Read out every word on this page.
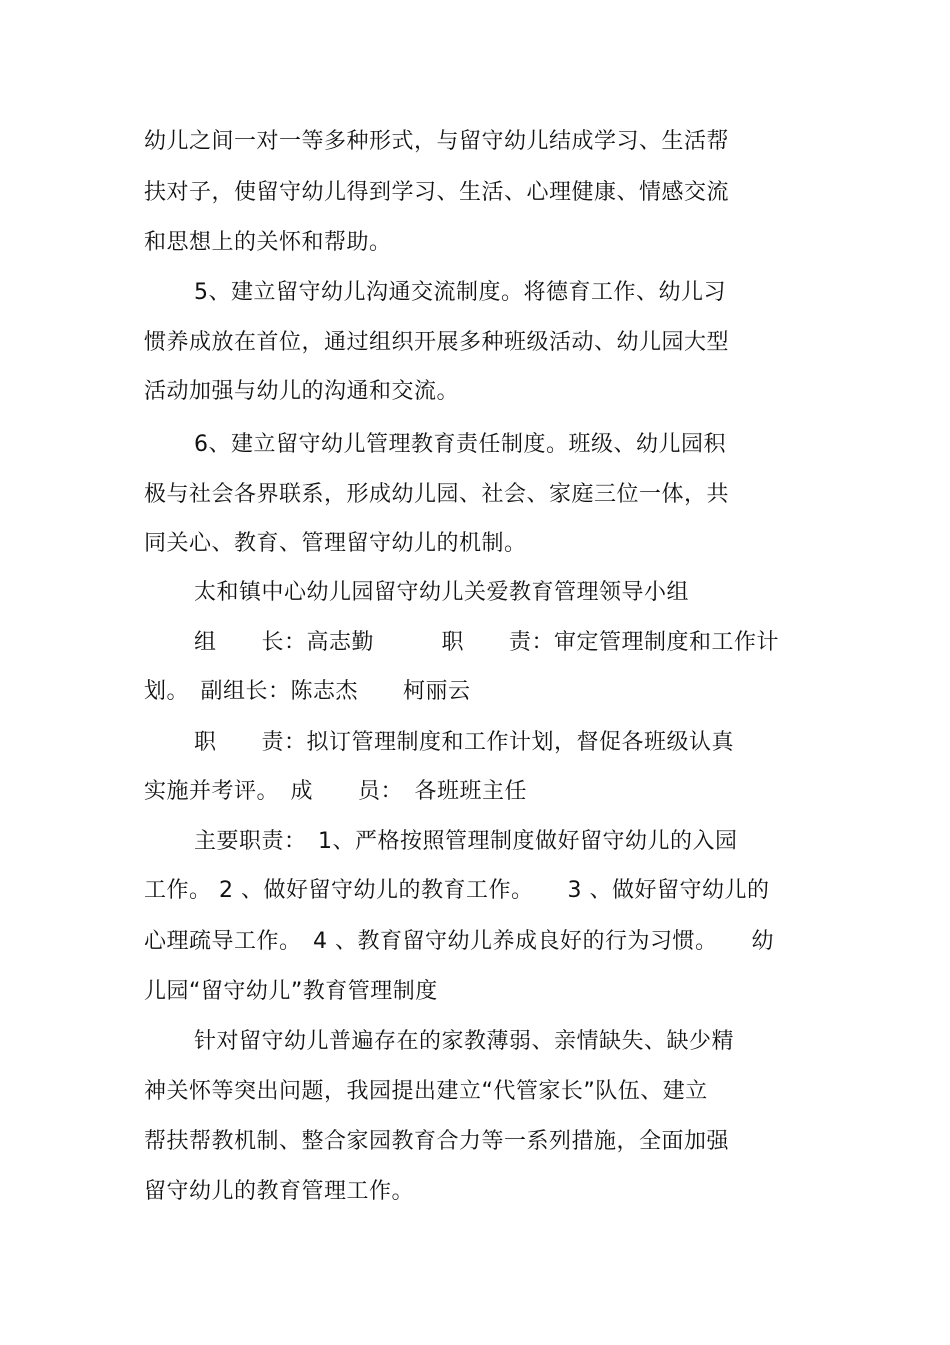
幼儿之间一对一等多种形式，与留守幼儿结成学习、生活帮
扶对子，使留守幼儿得到学习、生活、心理健康、情感交流
和思想上的关怀和帮助。
5、建立留守幼儿沟通交流制度。将德育工作、幼儿习
惯养成放在首位，通过组织开展多种班级活动、幼儿园大型
活动加强与幼儿的沟通和交流。
6、建立留守幼儿管理教育责任制度。班级、幼儿园积
极与社会各界联系，形成幼儿园、社会、家庭三位一体，共
同关心、教育、管理留守幼儿的机制。
太和镇中心幼儿园留守幼儿关爱教育管理领导小组
组　　长：高志勤　　　职　　责：审定管理制度和工作计
划。　副组长：陈志杰　　柯丽云
职　　责：拟订管理制度和工作计划，督促各班级认真
实施并考评。　成　　员：　各班班主任
主要职责：　1、严格按照管理制度做好留守幼儿的入园
工作。 2 、做好留守幼儿的教育工作。　　3 、做好留守幼儿的
心理疏导工作。　4 、教育留守幼儿养成良好的行为习惯。　　幼
儿园“留守幼儿”教育管理制度
针对留守幼儿普遍存在的家教薄弱、亲情缺失、缺少精
神关怀等突出问题，我园提出建立“代管家长”队伍、建立
帮扶帮教机制、整合家园教育合力等一系列措施，全面加强
留守幼儿的教育管理工作。
